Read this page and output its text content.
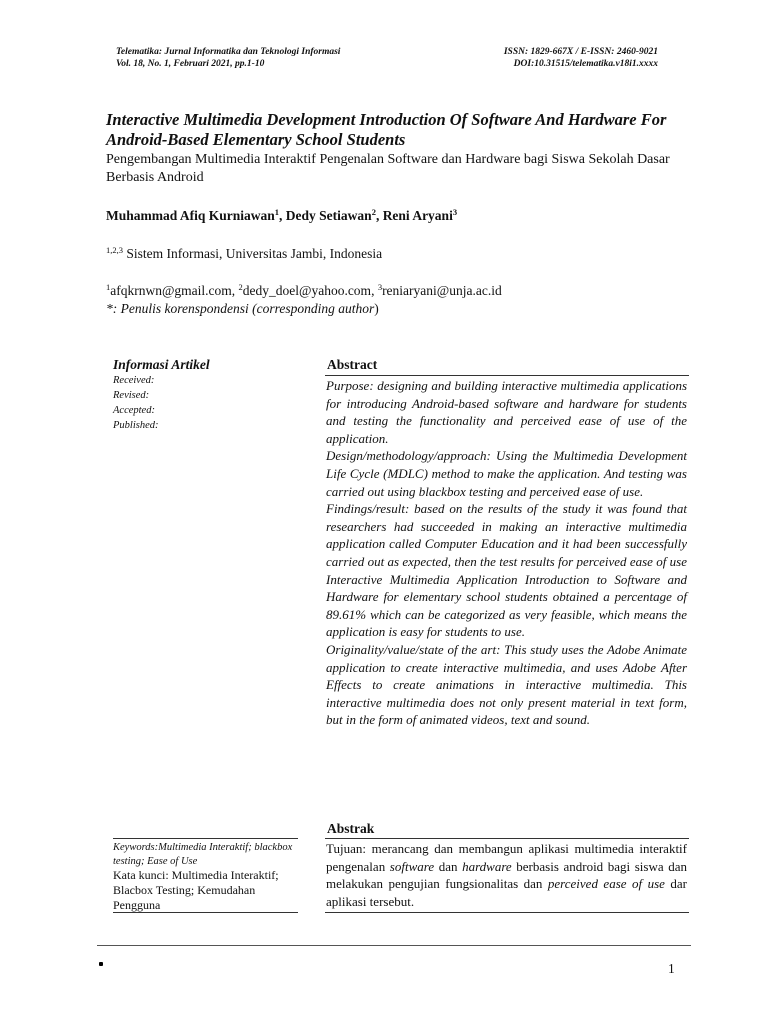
Telematika: Jurnal Informatika dan Teknologi Informasi
Vol. 18, No. 1, Februari 2021, pp.1-10
ISSN: 1829-667X / E-ISSN: 2460-9021
DOI:10.31515/telematika.v18i1.xxxx
Interactive Multimedia Development Introduction Of Software And Hardware For Android-Based Elementary School Students
Pengembangan Multimedia Interaktif Pengenalan Software dan Hardware bagi Siswa Sekolah Dasar Berbasis Android
Muhammad Afiq Kurniawan$^1$, Dedy Setiawan$^2$, Reni Aryani$^3$
$^{1,2,3}$ Sistem Informasi, Universitas Jambi, Indonesia
$^1$afqkrnwn@gmail.com, $^2$dedy_doel@yahoo.com, $^3$reniaryani@unja.ac.id
*: Penulis korenspondensi (corresponding author)
Informasi Artikel
Received:
Revised:
Accepted:
Published:
Abstract

Purpose: designing and building interactive multimedia applications for introducing Android-based software and hardware for students and testing the functionality and perceived ease of use of the application.

Design/methodology/approach: Using the Multimedia Development Life Cycle (MDLC) method to make the application. And testing was carried out using blackbox testing and perceived ease of use.

Findings/result: based on the results of the study it was found that researchers had succeeded in making an interactive multimedia application called Computer Education and it had been successfully carried out as expected, then the test results for perceived ease of use Interactive Multimedia Application Introduction to Software and Hardware for elementary school students obtained a percentage of 89.61% which can be categorized as very feasible, which means the application is easy for students to use.

Originality/value/state of the art: This study uses the Adobe Animate application to create interactive multimedia, and uses Adobe After Effects to create animations in interactive multimedia. This interactive multimedia does not only present material in text form, but in the form of animated videos, text and sound.

Abstrak

Tujuan: merancang dan membangun aplikasi multimedia interaktif pengenalan software dan hardware berbasis android bagi siswa dan melakukan pengujian fungsionalitas dan perceived ease of use dar aplikasi tersebut.

Keywords:Multimedia Interaktif; blackbox testing; Ease of Use
Kata kunci: Multimedia Interaktif; Blacbox Testing; Kemudahan Pengguna
1
